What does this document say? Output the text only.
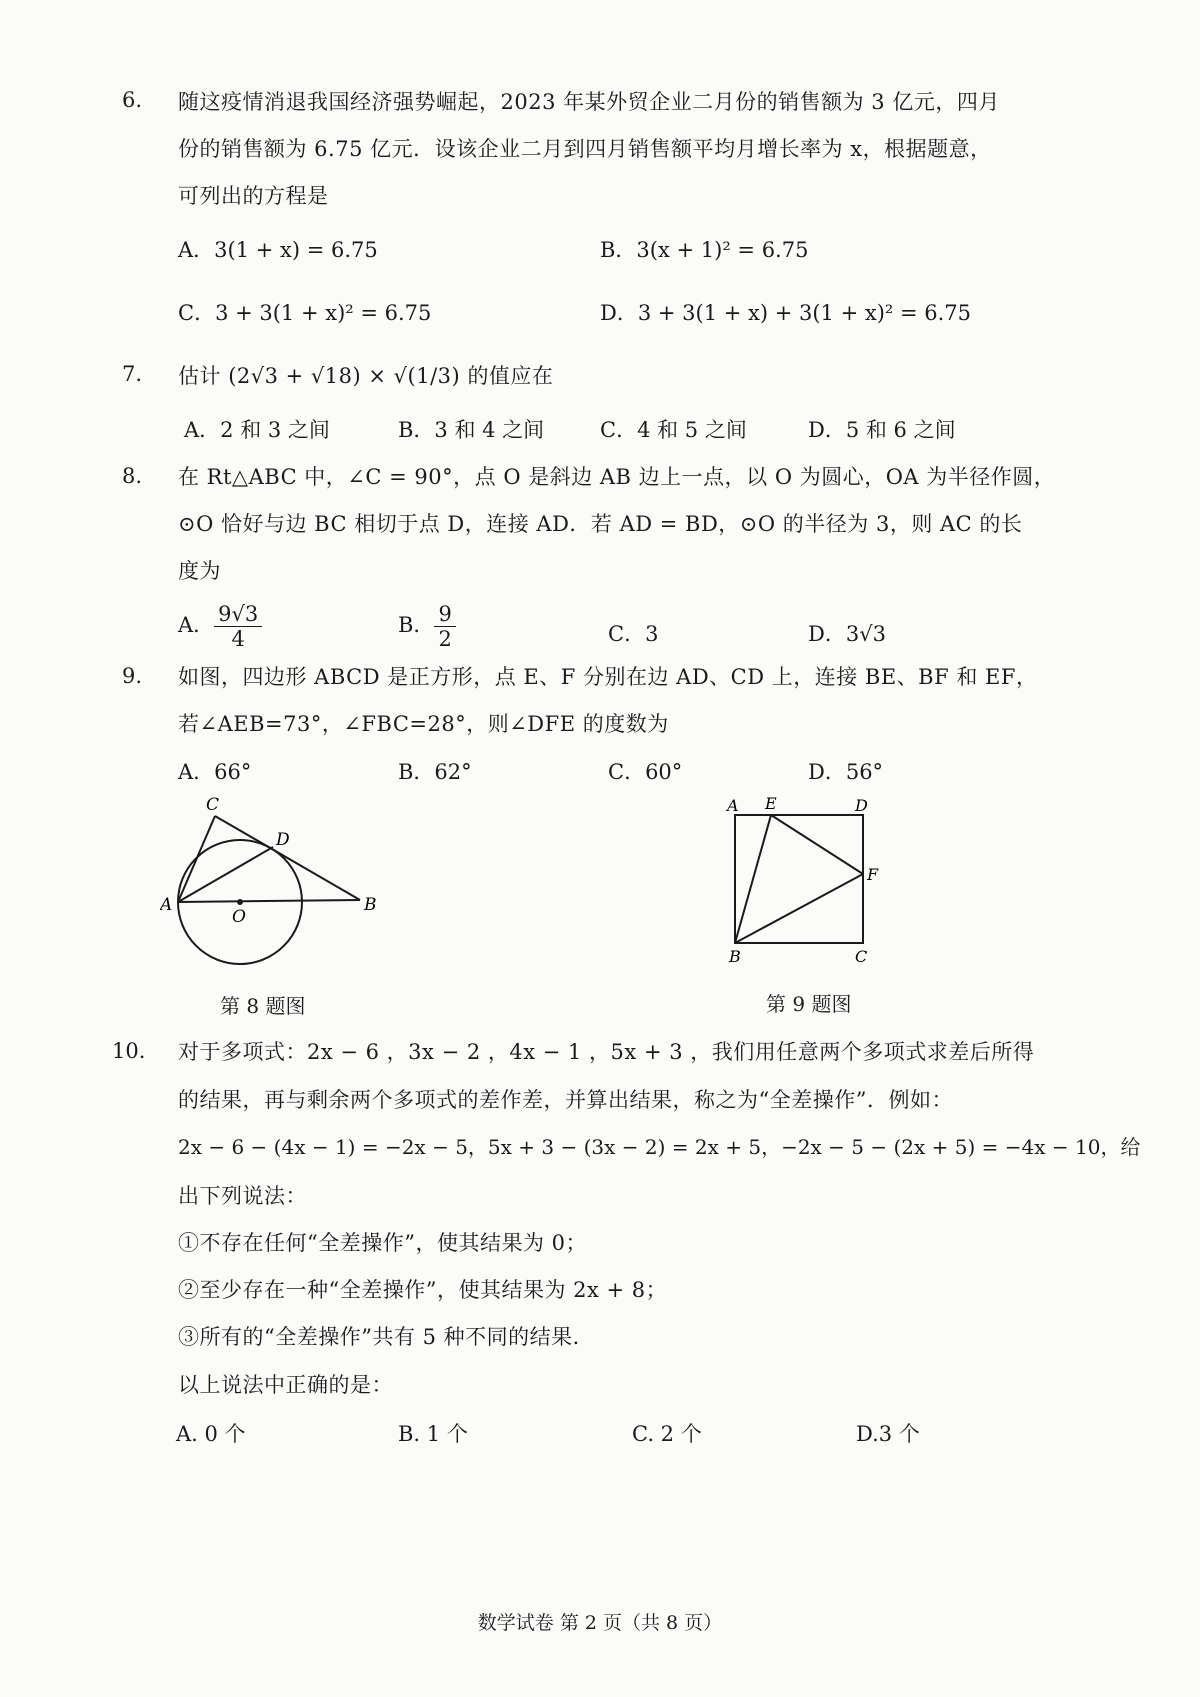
6. 随这疫情消退我国经济强势崛起，2023 年某外贸企业二月份的销售额为 3 亿元，四月
份的销售额为 6.75 亿元．设该企业二月到四月销售额平均月增长率为 x，根据题意，
可列出的方程是
A．3(1 + x) = 6.75	B．3(x + 1)² = 6.75
C．3 + 3(1 + x)² = 6.75	D．3 + 3(1 + x) + 3(1 + x)² = 6.75
7. 估计 (2√3 + √18) × √(1/3) 的值应在
A．2 和 3 之间	B．3 和 4 之间	C．4 和 5 之间	D．5 和 6 之间
8. 在 Rt△ABC 中，∠C = 90°，点 O 是斜边 AB 边上一点，以 O 为圆心，OA 为半径作圆，
⊙O 恰好与边 BC 相切于点 D，连接 AD．若 AD = BD，⊙O 的半径为 3，则 AC 的长
度为
A． $\frac{9√3}{4}$	B． $\frac{9}{2}$	C．3	D．3√3
9. 如图，四边形 ABCD 是正方形，点 E、F 分别在边 AD、CD 上，连接 BE、BF 和 EF，
若∠AEB=73°，∠FBC=28°，则∠DFE 的度数为
A．66°	B．62°	C．60°	D．56°
A	B
C
D
O
第 8 题图
A E	D
F
B	C
第 9 题图
10. 对于多项式：2x − 6 ，3x − 2 ，4x − 1 ，5x + 3 ，我们用任意两个多项式求差后所得
的结果，再与剩余两个多项式的差作差，并算出结果，称之为“全差操作”．例如：
2x − 6 − (4x − 1) = −2x − 5，5x + 3 − (3x − 2) = 2x + 5，−2x − 5 − (2x + 5) = −4x − 10，给
出下列说法：
①不存在任何“全差操作”，使其结果为 0；
②至少存在一种“全差操作”，使其结果为 2x + 8；
③所有的“全差操作”共有 5 种不同的结果．
以上说法中正确的是：
A. 0 个	B. 1 个	C. 2 个	D.3 个
数学试卷 第 2 页（共 8 页）
